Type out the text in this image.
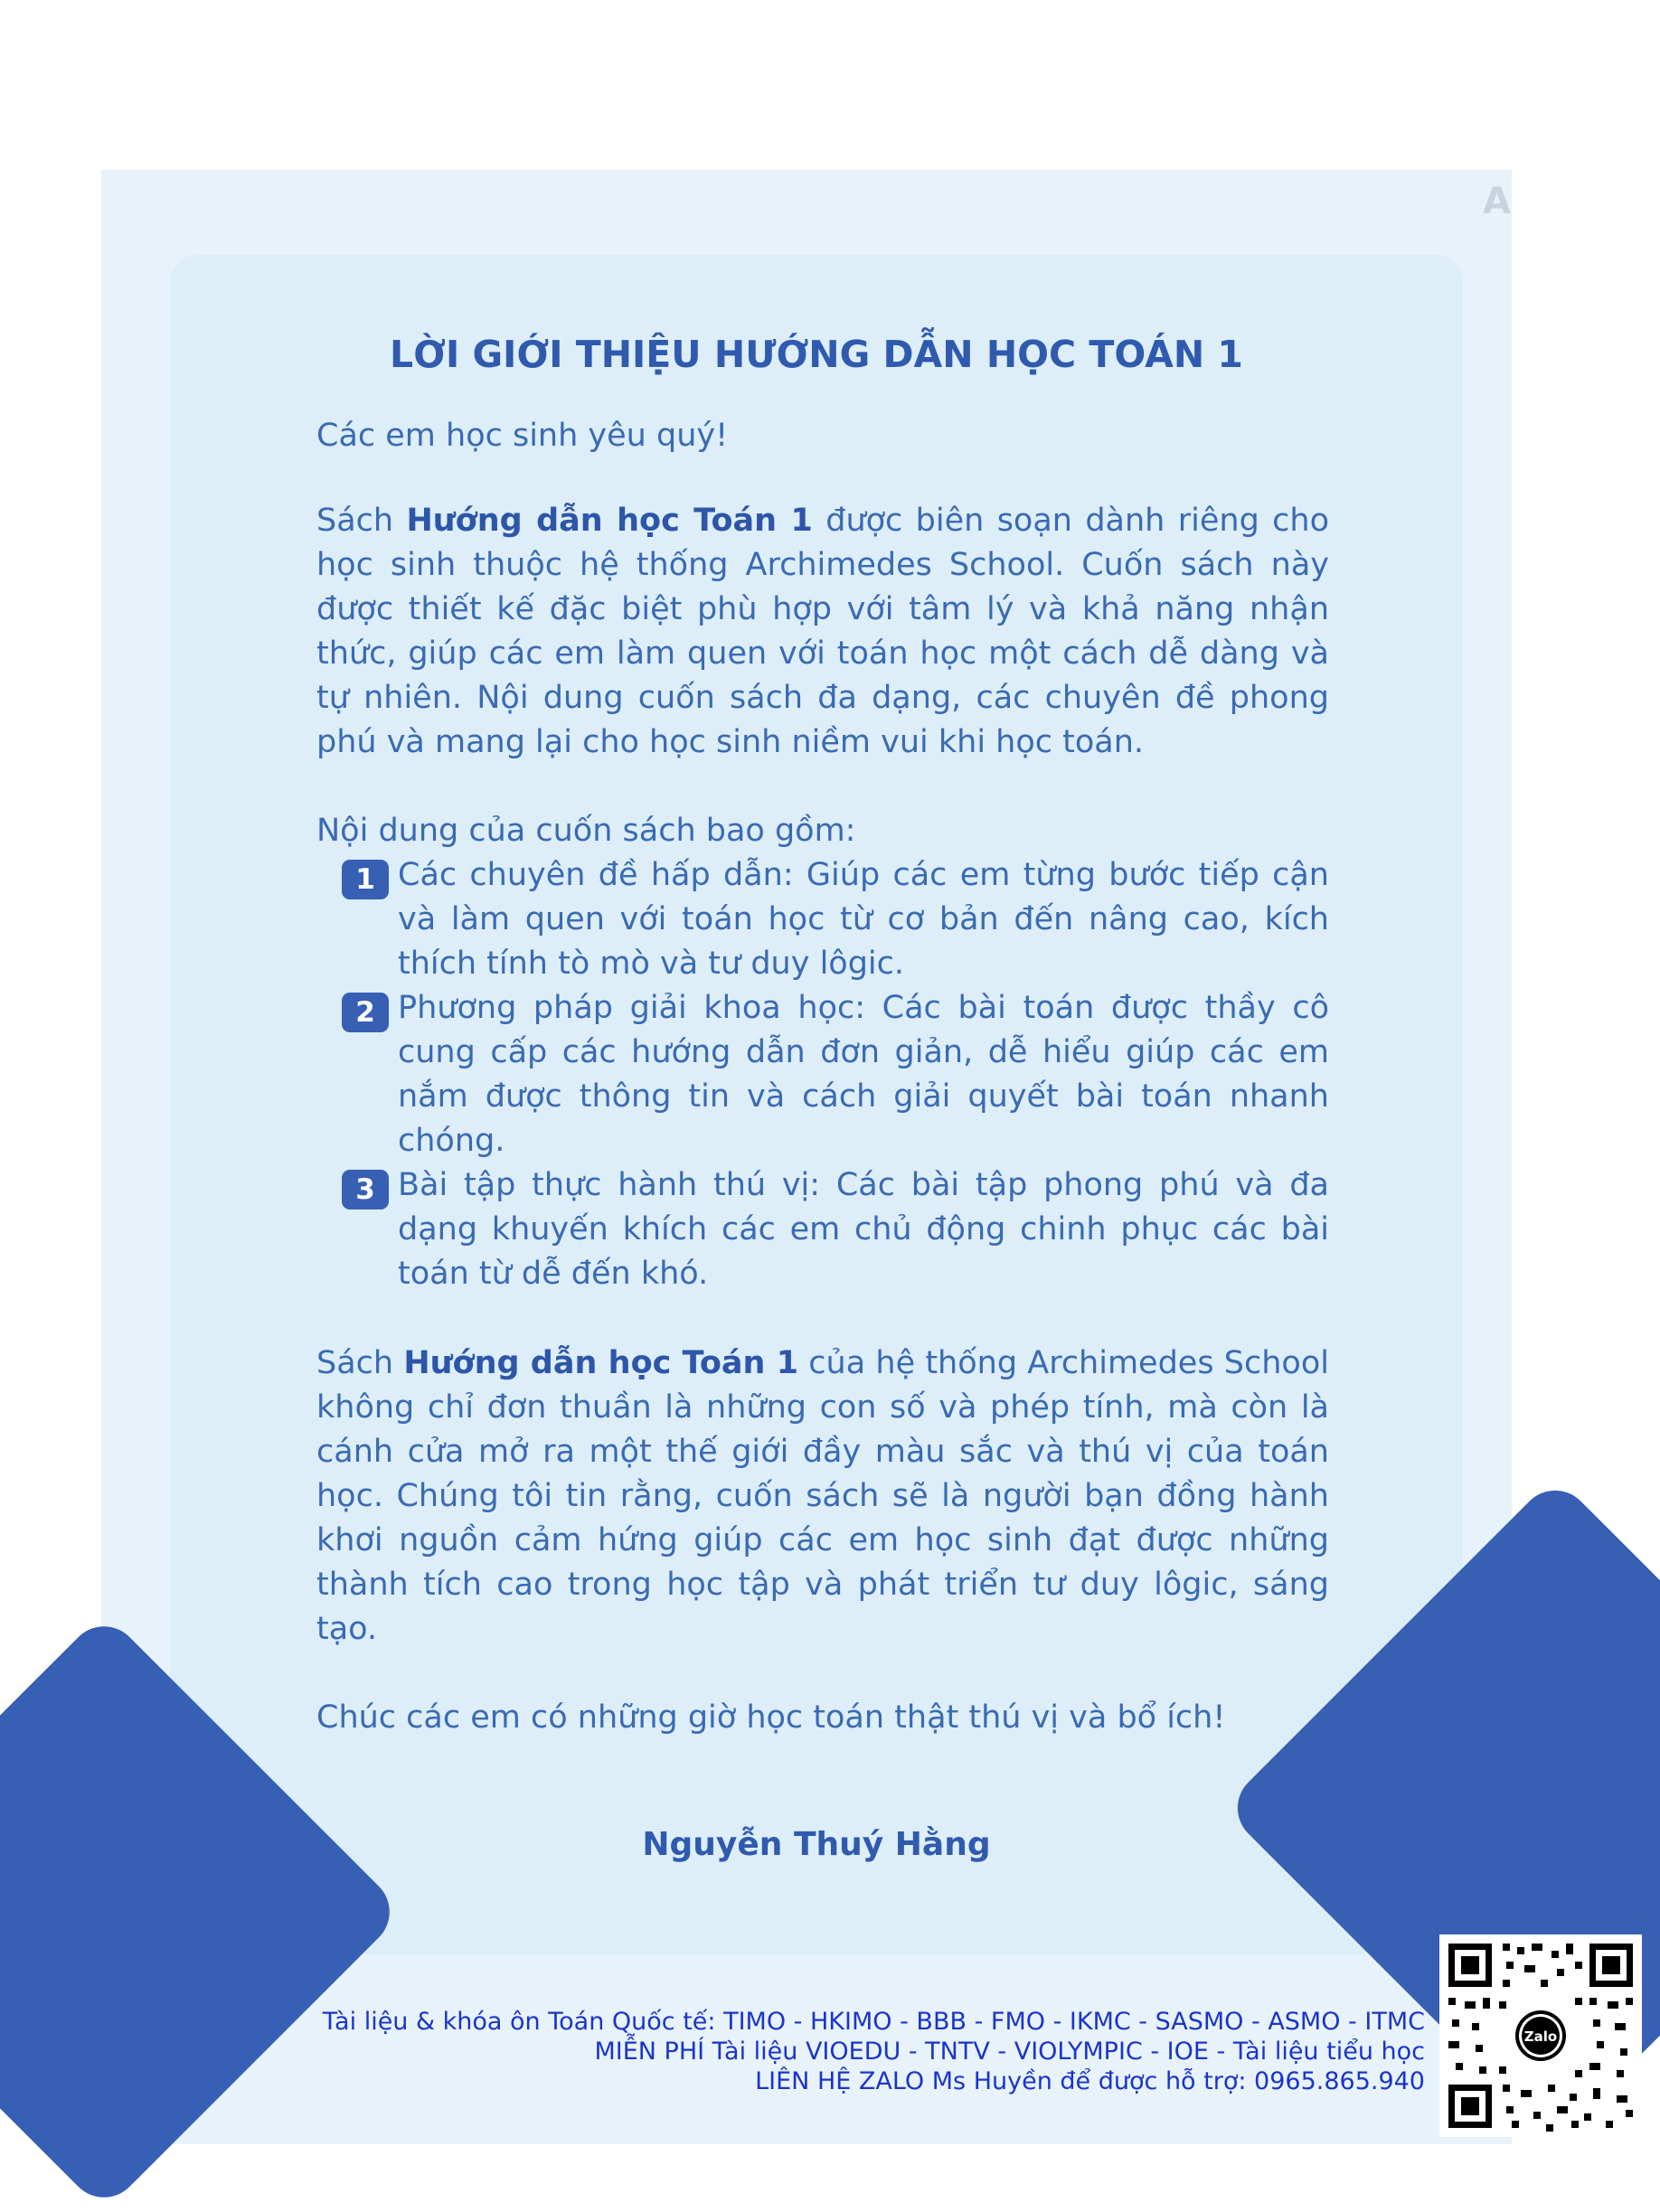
A
LỜI GIỚI THIỆU HƯỚNG DẪN HỌC TOÁN 1

Các em học sinh yêu quý!

Sách Hướng dẫn học Toán 1 được biên soạn dành riêng cho học sinh thuộc hệ thống Archimedes School. Cuốn sách này được thiết kế đặc biệt phù hợp với tâm lý và khả năng nhận thức, giúp các em làm quen với toán học một cách dễ dàng và tự nhiên. Nội dung cuốn sách đa dạng, các chuyên đề phong phú và mang lại cho học sinh niềm vui khi học toán.

Nội dung của cuốn sách bao gồm:

1 Các chuyên đề hấp dẫn: Giúp các em từng bước tiếp cận và làm quen với toán học từ cơ bản đến nâng cao, kích thích tính tò mò và tư duy lôgic.

2 Phương pháp giải khoa học: Các bài toán được thầy cô cung cấp các hướng dẫn đơn giản, dễ hiểu giúp các em nắm được thông tin và cách giải quyết bài toán nhanh chóng.

3 Bài tập thực hành thú vị: Các bài tập phong phú và đa dạng khuyến khích các em chủ động chinh phục các bài toán từ dễ đến khó.

Sách Hướng dẫn học Toán 1 của hệ thống Archimedes School không chỉ đơn thuần là những con số và phép tính, mà còn là cánh cửa mở ra một thế giới đầy màu sắc và thú vị của toán học. Chúng tôi tin rằng, cuốn sách sẽ là người bạn đồng hành khơi nguồn cảm hứng giúp các em học sinh đạt được những thành tích cao trong học tập và phát triển tư duy lôgic, sáng tạo.

Chúc các em có những giờ học toán thật thú vị và bổ ích!

Nguyễn Thuý Hằng

Tài liệu & khóa ôn Toán Quốc tế: TIMO - HKIMO - BBB - FMO - IKMC - SASMO - ASMO - ITMC
MIỄN PHÍ Tài liệu VIOEDU - TNTV - VIOLYMPIC - IOE - Tài liệu tiểu học
LIÊN HỆ ZALO Ms Huyền để được hỗ trợ: 0965.865.940
Zalo
